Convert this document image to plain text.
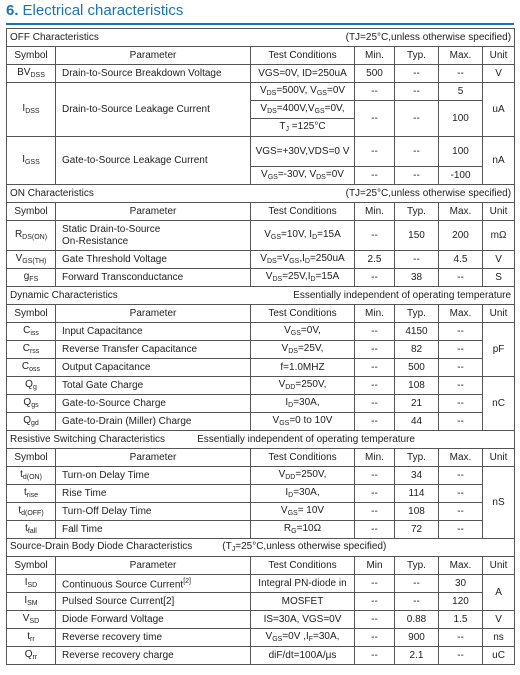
6. Electrical characteristics
OFF Characteristics (TJ=25°C,unless otherwise specified)						

Symbol	Parameter	Test Conditions	Min.	Typ.	Max.	Unit
$BV_{DSS}$	Drain-to-Source Breakdown Voltage	VGS=0V, ID=250uA	500	--	--	V
$I_{DSS}$	Drain-to-Source Leakage Current	$V_{DS}=500V$, $V_{GS}=0V$	--	--	5	uA
		$V_{DS}=400V,V_{GS}=0V$,	--	--	100	
		$T_J =125^\circ C$				
$I_{GSS}$	Gate-to-Source Leakage Current	VGS=+30V,VDS=0 V	--	--	100	nA
		$V_{GS}=-30V$, $V_{DS}=0V$	--	--	-100	

ON Characteristics (TJ=25°C,unless otherwise specified)						

Symbol	Parameter	Test Conditions	Min.	Typ.	Max.	Unit
$R_{DS(ON)}$	Static Drain-to-Source
On-Resistance	$V_{GS}=10V$, $I_D=15A$	--	150	200	mΩ
$V_{GS(TH)}$	Gate Threshold Voltage	$V_{DS}=V_{GS},I_D=250uA$	2.5	--	4.5	V
$g_{FS}$	Forward Transconductance	$V_{DS}=25V,I_D=15A$	--	38	--	S

Dynamic Characteristics Essentially independent of operating temperature						

Symbol	Parameter	Test Conditions	Min.	Typ.	Max.	Unit
$C_{iss}$	Input Capacitance	$V_{GS}=0V$,	--	4150	--	pF
$C_{rss}$	Reverse Transfer Capacitance	$V_{DS}=25V$,	--	82	--	
$C_{oss}$	Output Capacitance	f=1.0MHZ	--	500	--	
$Q_g$	Total Gate Charge	$V_{DD}=250V$,	--	108	--	nC
$Q_{gs}$	Gate-to-Source Charge	$I_D=30A$,	--	21	--	
$Q_{gd}$	Gate-to-Drain (Miller) Charge	$V_{GS}=0$ to 10V	--	44	--	

Resistive Switching Characteristics Essentially independent of operating temperature						
Symbol	Parameter	Test Conditions	Min.	Typ.	Max.	Unit
$t_{d(ON)}$	Turn-on Delay Time	$V_{DD}=250V$,	--	34	--	nS
$t_{rise}$	Rise Time	$I_D=30A$,	--	114	--	
$t_{d(OFF)}$	Turn-Off Delay Time	$V_{GS}= 10V$	--	108	--	
$t_{fall}$	Fall Time	$R_G=10\Omega$	--	72	--	

Source-Drain Body Diode Characteristics ($T_J=25^\circ C,unless$ otherwise specified)						
Symbol	Parameter	Test Conditions	Min	Typ.	Max.	Unit
$I_{SD}$	Continuous Source Current[2]	Integral PN-diode in	--	--	30	A
$I_{SM}$	Pulsed Source Current[2]	MOSFET	--	--	120	
$V_{SD}$	Diode Forward Voltage	IS=30A, VGS=0V	--	0.88	1.5	V
$t_{rr}$	Reverse recovery time	$V_{GS}=0V$ $,I_F=30A$,	--	900	--	ns
$Q_{rr}$	Reverse recovery charge	diF/dt=100A/μs	--	2.1	--	uC
